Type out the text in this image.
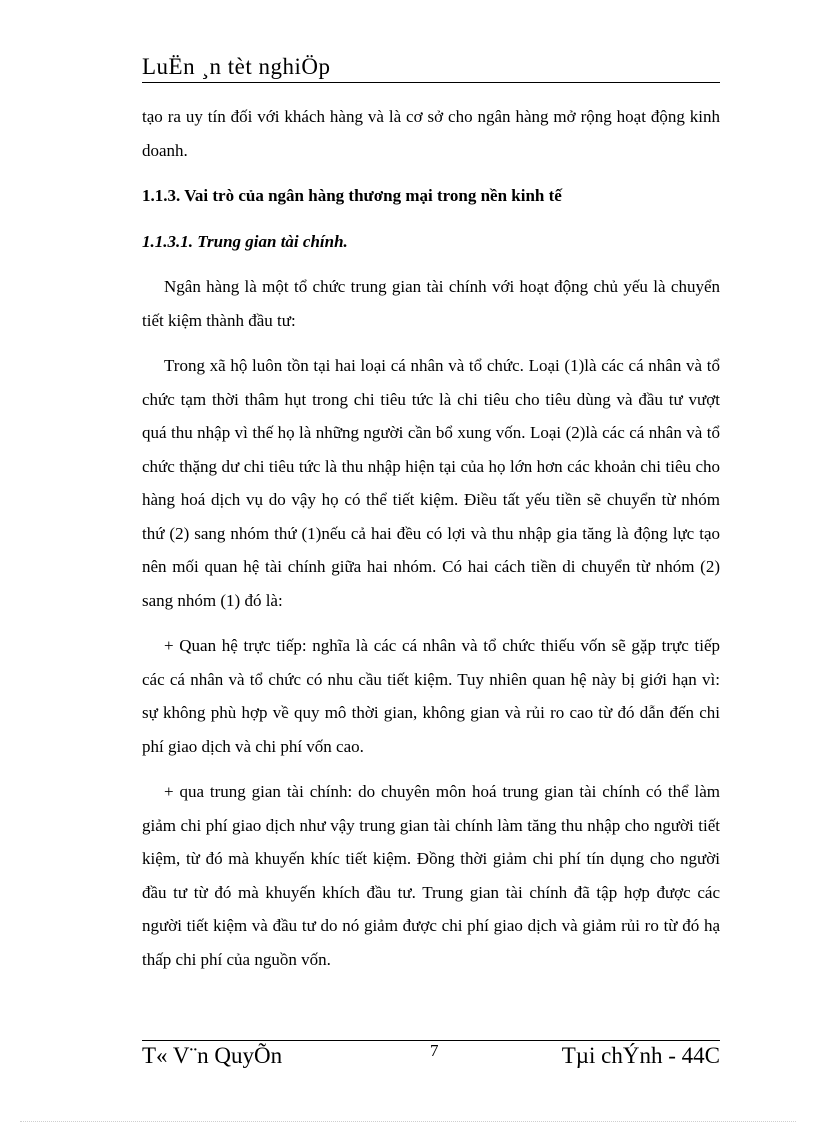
LuËn ¸n tèt nghiÖp

tạo ra uy tín đối với khách hàng và là cơ sở cho ngân hàng mở rộng hoạt động kinh doanh.

1.1.3. Vai trò của ngân hàng thương mại trong nền kinh tế
1.1.3.1. Trung gian tài chính.

Ngân hàng là một tổ chức trung gian tài chính với hoạt động chủ yếu là chuyển tiết kiệm thành đầu tư:

Trong xã hộ luôn tồn tại hai loại cá nhân và tổ chức. Loại (1)là các cá nhân và tổ chức tạm thời thâm hụt trong chi tiêu tức là chi tiêu cho tiêu dùng và đầu tư vượt quá thu nhập vì thế họ là những người cần bổ xung vốn. Loại (2)là các cá nhân và tổ chức thặng dư chi tiêu tức là thu nhập hiện tại của họ lớn hơn các khoản chi tiêu cho hàng hoá dịch vụ do vậy họ có thể tiết kiệm. Điều tất yếu tiền sẽ chuyển từ nhóm thứ (2) sang nhóm thứ (1)nếu cả hai đều có lợi và thu nhập gia tăng là động lực tạo nên mối quan hệ tài chính giữa hai nhóm. Có hai cách tiền di chuyển từ nhóm (2) sang nhóm (1) đó là:

+ Quan hệ trực tiếp: nghĩa là các cá nhân và tổ chức thiếu vốn sẽ gặp trực tiếp các cá nhân và tổ chức có nhu cầu tiết kiệm. Tuy nhiên quan hệ này bị giới hạn vì: sự không phù hợp về quy mô thời gian, không gian và rủi ro cao từ đó dẫn đến chi phí giao dịch và chi phí vốn cao.

+ qua trung gian tài chính: do chuyên môn hoá trung gian tài chính có thể làm giảm chi phí giao dịch như vậy trung gian tài chính làm tăng thu nhập cho người tiết kiệm, từ đó mà khuyến khíc tiết kiệm. Đồng thời giảm chi phí tín dụng cho người đầu tư từ đó mà khuyến khích đầu tư. Trung gian tài chính đã tập hợp được các người tiết kiệm và đầu tư do nó giảm được chi phí giao dịch và giảm rủi ro từ đó hạ thấp chi phí của nguồn vốn.

T« V¨n QuyÕn	7	Tµi chÝnh - 44C
